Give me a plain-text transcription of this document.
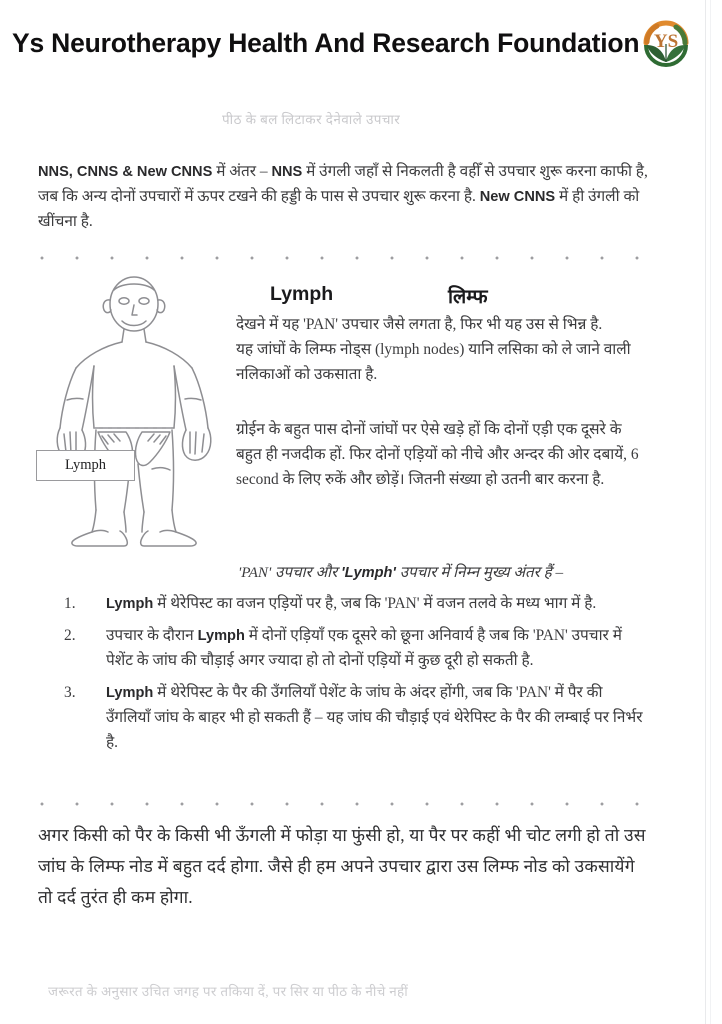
Ys Neurotherapy Health And Research Foundation YS
पीठ के बल लिटाकर देनेवाले उपचार
NNS, CNNS & New CNNS में अंतर – NNS में उंगली जहाँ से निकलती है वहीँ से उपचार शुरू करना काफी है, जब कि अन्य दोनों उपचारों में ऊपर टखने की हड्डी के पास से उपचार शुरू करना है. New CNNS में ही उंगली को खींचना है.
Lymph	लिम्फ
Lymph
देखने में यह 'PAN' उपचार जैसे लगता है, फिर भी यह उस से भिन्न है.
यह जांघों के लिम्फ नोड्स (lymph nodes) यानि लसिका को ले जाने वाली नलिकाओं को उकसाता है.
ग्रोईन के बहुत पास दोनों जांघों पर ऐसे खड़े हों कि दोनों एड़ी एक दूसरे के बहुत ही नजदीक हों. फिर दोनों एड़ियों को नीचे और अन्दर की ओर दबायें, 6 second के लिए रुकें और छोड़ें। जितनी संख्या हो उतनी बार करना है.
'PAN' उपचार और 'Lymph' उपचार में निम्न मुख्य अंतर हैं –
1.	Lymph में थेरेपिस्ट का वजन एड़ियों पर है, जब कि 'PAN' में वजन तलवे के मध्य भाग में है.
2.	उपचार के दौरान Lymph में दोनों एड़ियाँ एक दूसरे को छूना अनिवार्य है जब कि 'PAN' उपचार में पेशेंट के जांघ की चौड़ाई अगर ज्यादा हो तो दोनों एड़ियों में कुछ दूरी हो सकती है.
3.	Lymph में थेरेपिस्ट के पैर की उँगलियाँ पेशेंट के जांघ के अंदर होंगी, जब कि 'PAN' में पैर की उँगलियाँ जांघ के बाहर भी हो सकती हैं – यह जांघ की चौड़ाई एवं थेरेपिस्ट के पैर की लम्बाई पर निर्भर है.
अगर किसी को पैर के किसी भी ऊँगली में फोड़ा या फुंसी हो, या पैर पर कहीं भी चोट लगी हो तो उस जांघ के लिम्फ नोड में बहुत दर्द होगा. जैसे ही हम अपने उपचार द्वारा उस लिम्फ नोड को उकसायेंगे तो दर्द तुरंत ही कम होगा.
जरूरत के अनुसार उचित जगह पर तकिया दें, पर सिर या पीठ के नीचे नहीं
